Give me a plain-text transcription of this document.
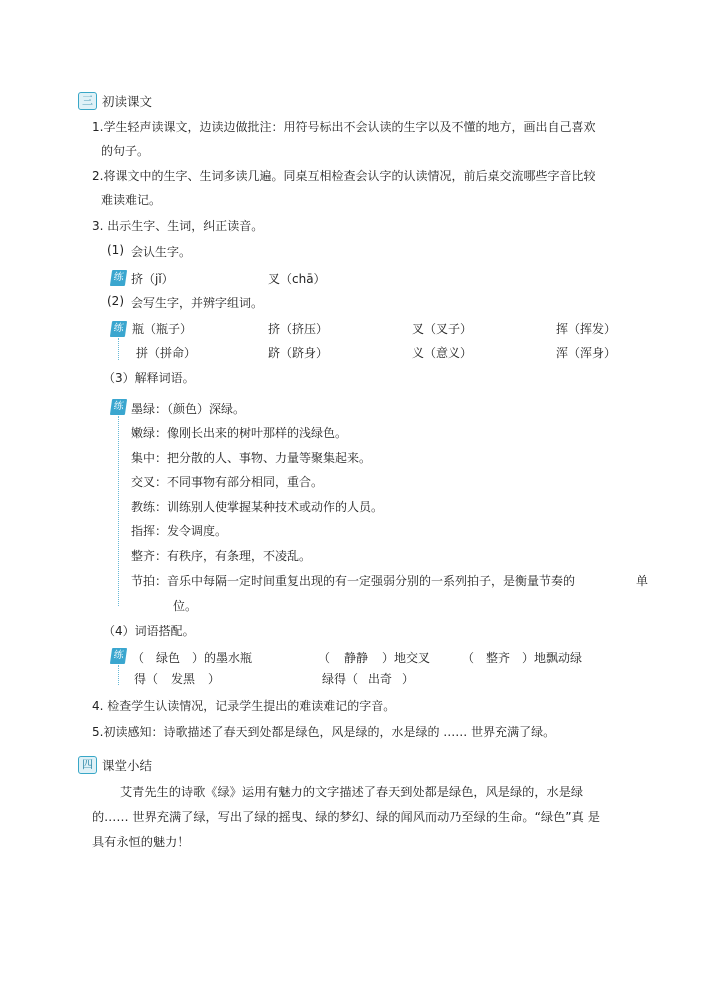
三 初读课文
1.学生轻声读课文，边读边做批注：用符号标出不会认读的生字以及不懂的地方，画出自己喜欢
的句子。
2.将课文中的生字、生词多读几遍。同桌互相检查会认字的认读情况，前后桌交流哪些字音比较
难读难记。
3. 出示生字、生词，纠正读音。
(1) 会认生字。
练 挤（jǐ）	叉（chā）
(2) 会写生字，并辨字组词。
练 瓶（瓶子）	挤（挤压）	叉（叉子）	挥（挥发）
拼（拼命）	跻（跻身）	义（意义）	浑（浑身）
（3）解释词语。
练 墨绿：（颜色）深绿。
嫩绿：像刚长出来的树叶那样的浅绿色。
集中：把分散的人、事物、力量等聚集起来。
交叉：不同事物有部分相同，重合。
教练：训练别人使掌握某种技术或动作的人员。
指挥：发令调度。
整齐：有秩序，有条理，不凌乱。
节拍：音乐中每隔一定时间重复出现的有一定强弱分别的一系列拍子，是衡量节奏的	单
位。
（4）词语搭配。
练 （ 绿色 ）的墨水瓶	（ 静静 ）地交叉	（ 整齐 ）地飘动绿
得（ 发黑 ）	绿得（ 出奇 ）
4. 检查学生认读情况，记录学生提出的难读难记的字音。
5.初读感知：诗歌描述了春天到处都是绿色，风是绿的，水是绿的 …… 世界充满了绿。
四 课堂小结
艾青先生的诗歌《绿》运用有魅力的文字描述了春天到处都是绿色，风是绿的，水是绿
的…… 世界充满了绿，写出了绿的摇曳、绿的梦幻、绿的闻风而动乃至绿的生命。“绿色”真 是
具有永恒的魅力！
